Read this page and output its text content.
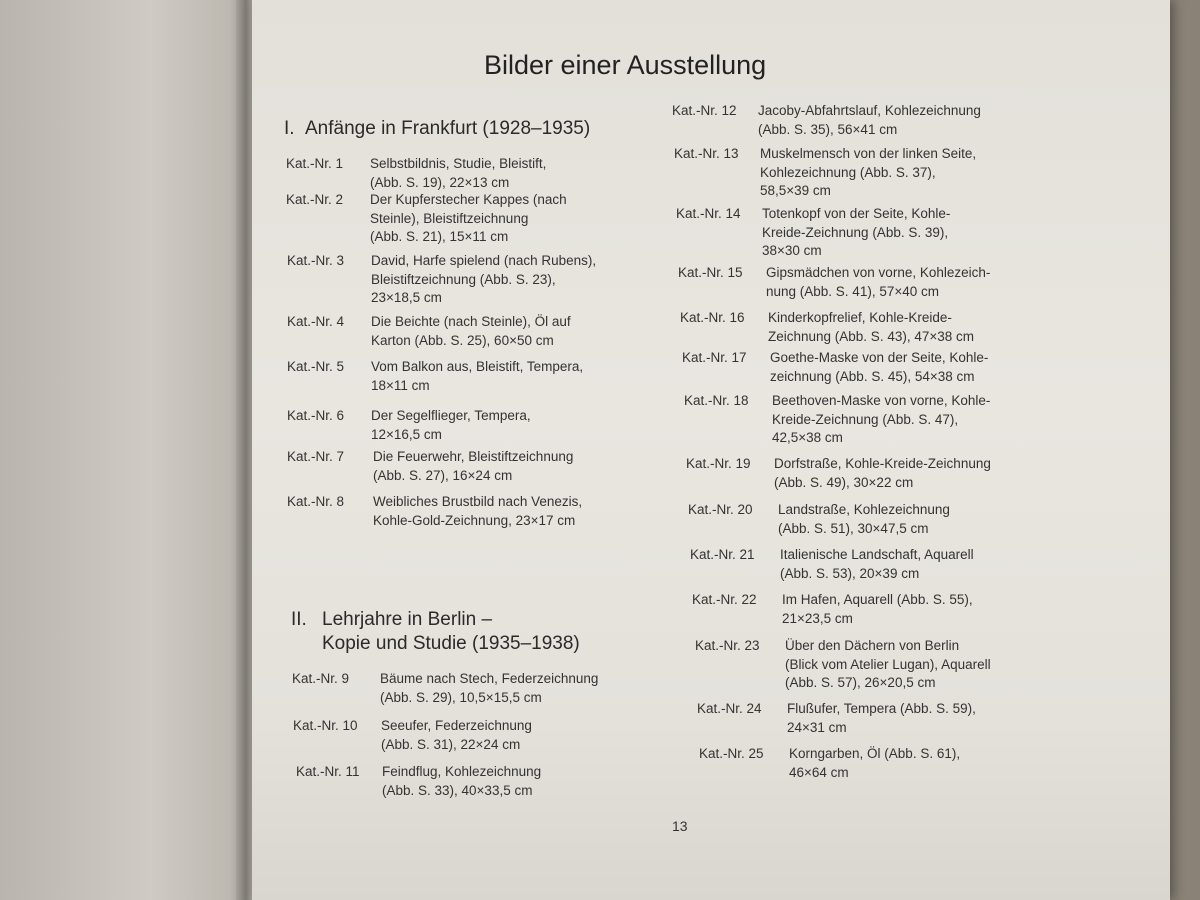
Bilder einer Ausstellung
I. Anfänge in Frankfurt (1928–1935)
II. Lehrjahre in Berlin –
Kopie und Studie (1935–1938)
Kat.-Nr. 1 Selbstbildnis, Studie, Bleistift,
(Abb. S. 19), 22×13 cm
Kat.-Nr. 2 Der Kupferstecher Kappes (nach
Steinle), Bleistiftzeichnung
(Abb. S. 21), 15×11 cm
Kat.-Nr. 3 David, Harfe spielend (nach Rubens),
Bleistiftzeichnung (Abb. S. 23),
23×18,5 cm
Kat.-Nr. 4 Die Beichte (nach Steinle), Öl auf
Karton (Abb. S. 25), 60×50 cm
Kat.-Nr. 5 Vom Balkon aus, Bleistift, Tempera,
18×11 cm
Kat.-Nr. 6 Der Segelflieger, Tempera,
12×16,5 cm
Kat.-Nr. 7 Die Feuerwehr, Bleistiftzeichnung
(Abb. S. 27), 16×24 cm
Kat.-Nr. 8 Weibliches Brustbild nach Venezis,
Kohle-Gold-Zeichnung, 23×17 cm
Kat.-Nr. 9 Bäume nach Stech, Federzeichnung
(Abb. S. 29), 10,5×15,5 cm
Kat.-Nr. 10 Seeufer, Federzeichnung
(Abb. S. 31), 22×24 cm
Kat.-Nr. 11 Feindflug, Kohlezeichnung
(Abb. S. 33), 40×33,5 cm
Kat.-Nr. 12 Jacoby-Abfahrtslauf, Kohlezeichnung
(Abb. S. 35), 56×41 cm
Kat.-Nr. 13 Muskelmensch von der linken Seite,
Kohlezeichnung (Abb. S. 37),
58,5×39 cm
Kat.-Nr. 14 Totenkopf von der Seite, Kohle-
Kreide-Zeichnung (Abb. S. 39),
38×30 cm
Kat.-Nr. 15 Gipsmädchen von vorne, Kohlezeich-
nung (Abb. S. 41), 57×40 cm
Kat.-Nr. 16 Kinderkopfrelief, Kohle-Kreide-
Zeichnung (Abb. S. 43), 47×38 cm
Kat.-Nr. 17 Goethe-Maske von der Seite, Kohle-
zeichnung (Abb. S. 45), 54×38 cm
Kat.-Nr. 18 Beethoven-Maske von vorne, Kohle-
Kreide-Zeichnung (Abb. S. 47),
42,5×38 cm
Kat.-Nr. 19 Dorfstraße, Kohle-Kreide-Zeichnung
(Abb. S. 49), 30×22 cm
Kat.-Nr. 20 Landstraße, Kohlezeichnung
(Abb. S. 51), 30×47,5 cm
Kat.-Nr. 21 Italienische Landschaft, Aquarell
(Abb. S. 53), 20×39 cm
Kat.-Nr. 22 Im Hafen, Aquarell (Abb. S. 55),
21×23,5 cm
Kat.-Nr. 23 Über den Dächern von Berlin
(Blick vom Atelier Lugan), Aquarell
(Abb. S. 57), 26×20,5 cm
Kat.-Nr. 24 Flußufer, Tempera (Abb. S. 59),
24×31 cm
Kat.-Nr. 25 Korngarben, Öl (Abb. S. 61),
46×64 cm
13
